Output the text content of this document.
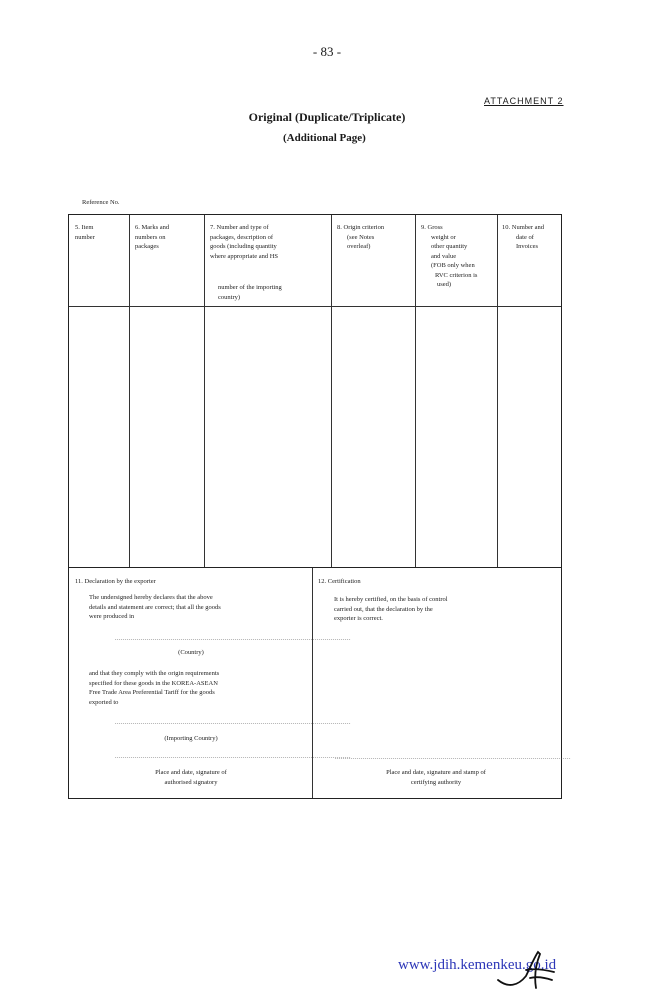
- 83 -
ATTACHMENT 2
Original (Duplicate/Triplicate)
(Additional Page)
Reference No.
5. Item
number
6. Marks and
numbers on
packages
7. Number and type of
packages, description of
goods (including quantity
where appropriate and HS
number of the importing
country)
8. Origin criterion
(see Notes
overleaf)
9. Gross
weight or
other quantity
and value
(FOB only when
RVC criterion is
used)
10. Number and
date of
Invoices
11. Declaration by the exporter
The undersigned hereby declares that the above
details and statement are correct; that all the goods
were produced in
......................................................................................................................
(Country)
and that they comply with the origin requirements
specified for these goods in the KOREA-ASEAN
Free Trade Area Preferential Tariff for the goods
exported to
......................................................................................................................
(Importing Country)
......................................................................................................................
Place and date, signature of
authorised signatory
12. Certification
It is hereby certified, on the basis of control
carried out, that the declaration by the
exporter is correct.
......................................................................................................................
Place and date, signature and stamp of
certifying authority
www.jdih.kemenkeu.go.id
